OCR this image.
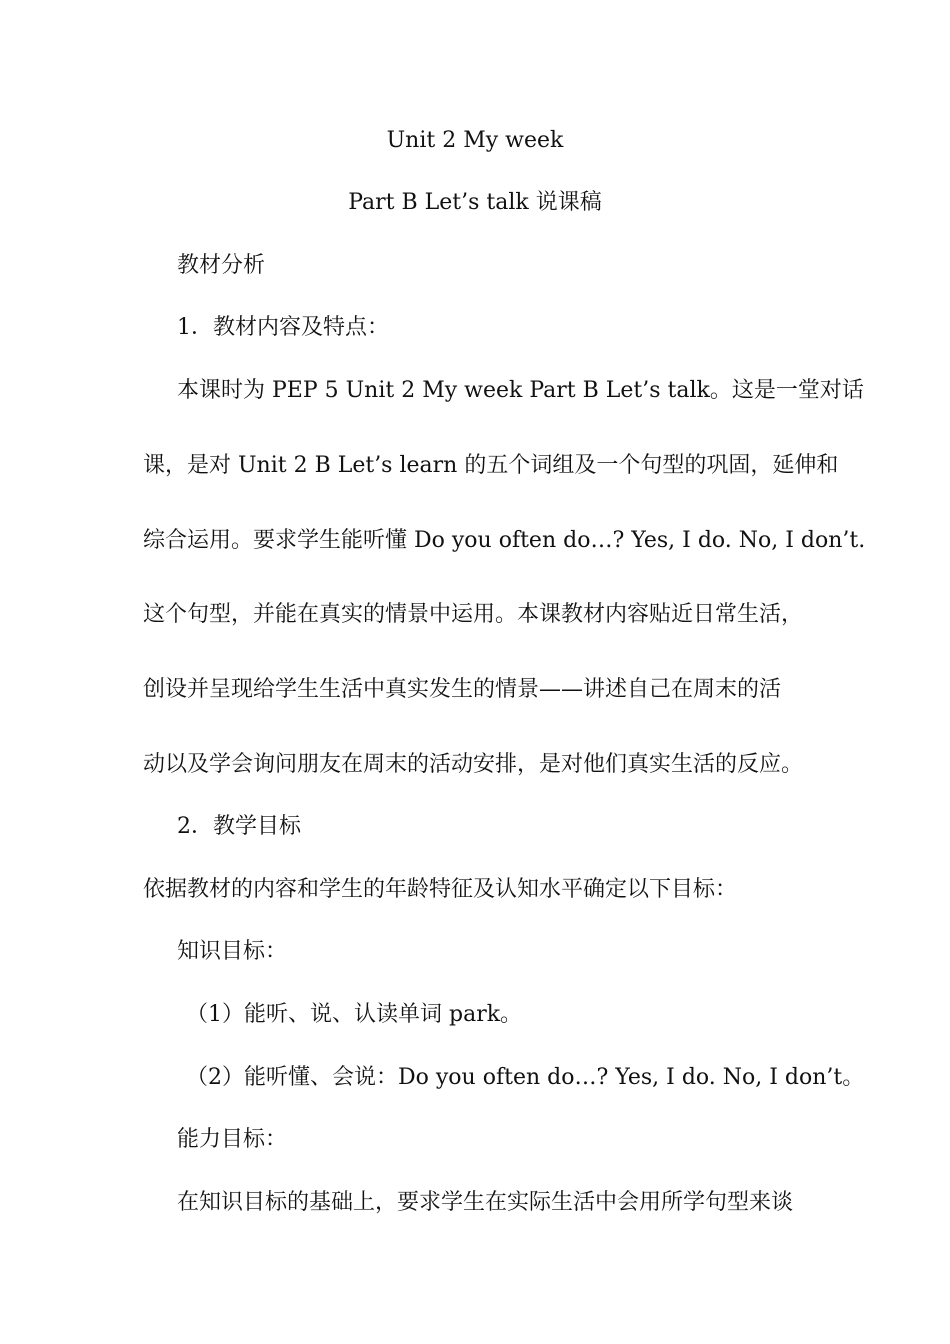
Unit 2 My week

Part B Let’s talk 说课稿

教材分析

1．教材内容及特点：

本课时为 PEP 5 Unit 2 My week Part B Let’s talk。这是一堂对话

课，是对 Unit 2 B Let’s learn 的五个词组及一个句型的巩固，延伸和

综合运用。要求学生能听懂 Do you often do…? Yes, I do. No, I don’t.

这个句型，并能在真实的情景中运用。本课教材内容贴近日常生活，

创设并呈现给学生生活中真实发生的情景——讲述自己在周末的活

动以及学会询问朋友在周末的活动安排，是对他们真实生活的反应。

2．教学目标

依据教材的内容和学生的年龄特征及认知水平确定以下目标：

知识目标：

（1）能听、说、认读单词 park。

（2）能听懂、会说：Do you often do…? Yes, I do. No, I don’t。

能力目标：

在知识目标的基础上，要求学生在实际生活中会用所学句型来谈
